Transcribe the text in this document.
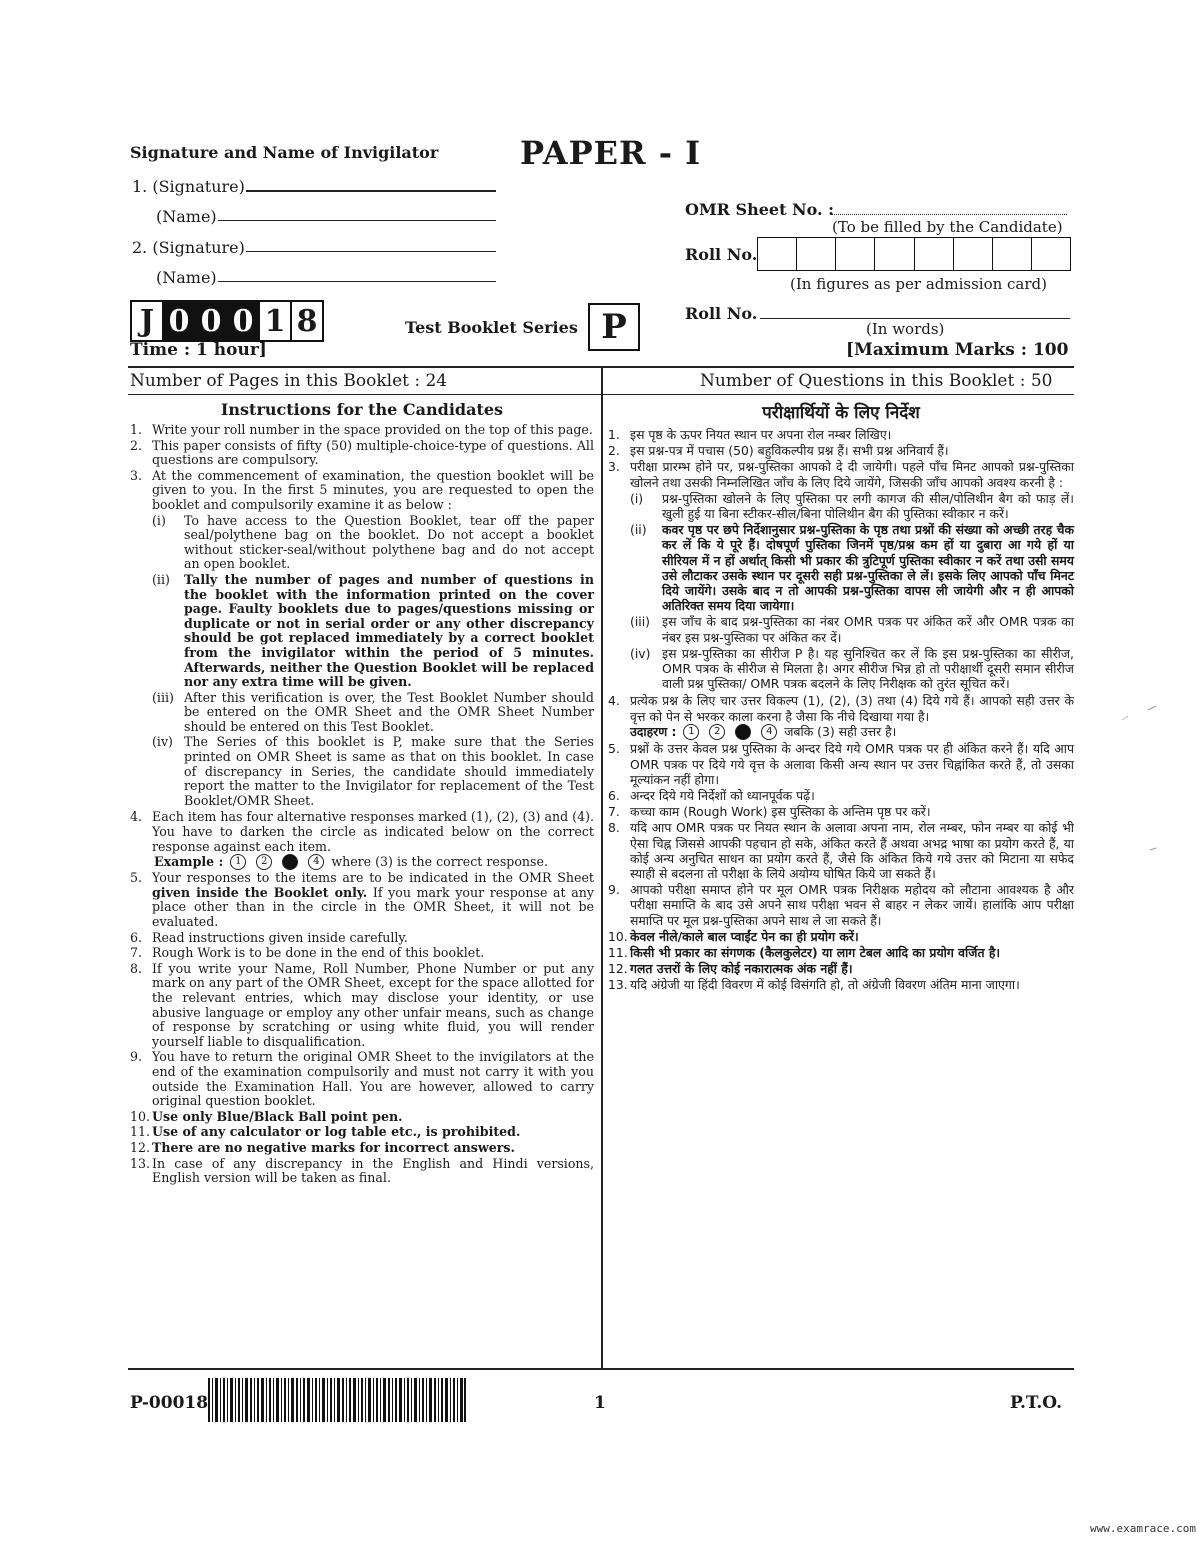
Signature and Name of Invigilator	PAPER - I
1. (Signature)
(Name)
2. (Signature)
(Name)
OMR Sheet No. :
(To be filled by the Candidate)
Roll No.
(In figures as per admission card)
Roll No.
(In words)
J 0 0 0 1 8	Test Booklet Series P
Time : 1 hour]	[Maximum Marks : 100
Number of Pages in this Booklet : 24	Number of Questions in this Booklet : 50
Instructions for the Candidates
1. Write your roll number in the space provided on the top of this page.
2. This paper consists of fifty (50) multiple-choice-type of questions. All questions are compulsory.
3. At the commencement of examination, the question booklet will be given to you. In the first 5 minutes, you are requested to open the booklet and compulsorily examine it as below :
(i)	To have access to the Question Booklet, tear off the paper seal/polythene bag on the booklet. Do not accept a booklet without sticker-seal/without polythene bag and do not accept an open booklet.
(ii)	Tally the number of pages and number of questions in the booklet with the information printed on the cover page. Faulty booklets due to pages/questions missing or duplicate or not in serial order or any other discrepancy should be got replaced immediately by a correct booklet from the invigilator within the period of 5 minutes. Afterwards, neither the Question Booklet will be replaced nor any extra time will be given.
(iii) After this verification is over, the Test Booklet Number should be entered on the OMR Sheet and the OMR Sheet Number should be entered on this Test Booklet.
(iv) The Series of this booklet is P, make sure that the Series printed on OMR Sheet is same as that on this booklet. In case of discrepancy in Series, the candidate should immediately report the matter to the Invigilator for replacement of the Test Booklet/OMR Sheet.
4. Each item has four alternative responses marked (1), (2), (3) and (4). You have to darken the circle as indicated below on the correct response against each item.
Example : 1 2	4 where (3) is the correct response.
5. Your responses to the items are to be indicated in the OMR Sheet given inside the Booklet only. If you mark your response at any place other than in the circle in the OMR Sheet, it will not be evaluated.
6. Read instructions given inside carefully.
7. Rough Work is to be done in the end of this booklet.
8. If you write your Name, Roll Number, Phone Number or put any mark on any part of the OMR Sheet, except for the space allotted for the relevant entries, which may disclose your identity, or use abusive language or employ any other unfair means, such as change of response by scratching or using white fluid, you will render yourself liable to disqualification.
9. You have to return the original OMR Sheet to the invigilators at the end of the examination compulsorily and must not carry it with you outside the Examination Hall. You are however, allowed to carry original question booklet.
10. Use only Blue/Black Ball point pen.
11. Use of any calculator or log table etc., is prohibited.
12. There are no negative marks for incorrect answers.
13. In case of any discrepancy in the English and Hindi versions, English version will be taken as final.
परीक्षार्थियों के लिए निर्देश
1. इस पृष्ठ के ऊपर नियत स्थान पर अपना रोल नम्बर लिखिए।
2. इस प्रश्न-पत्र में पचास (50) बहुविकल्पीय प्रश्न हैं। सभी प्रश्न अनिवार्य हैं।
3. परीक्षा प्रारम्भ होने पर, प्रश्न-पुस्तिका आपको दे दी जायेगी। पहले पाँच मिनट आपको प्रश्न-पुस्तिका खोलने तथा उसकी निम्नलिखित जाँच के लिए दिये जायेंगे, जिसकी जाँच आपको अवश्य करनी है :
(i)	प्रश्न-पुस्तिका खोलने के लिए पुस्तिका पर लगी कागज की सील/पोलिथीन बैग को फाड़ लें। खुली हुई या बिना स्टीकर-सील/बिना पोलिथीन बैग की पुस्तिका स्वीकार न करें।
(ii)	कवर पृष्ठ पर छपे निर्देशानुसार प्रश्न-पुस्तिका के पृष्ठ तथा प्रश्नों की संख्या को अच्छी तरह चैक कर लें कि ये पूरे हैं। दोषपूर्ण पुस्तिका जिनमें पृष्ठ/प्रश्न कम हों या दुबारा आ गये हों या सीरियल में न हों अर्थात् किसी भी प्रकार की त्रुटिपूर्ण पुस्तिका स्वीकार न करें तथा उसी समय उसे लौटाकर उसके स्थान पर दूसरी सही प्रश्न-पुस्तिका ले लें। इसके लिए आपको पाँच मिनट दिये जायेंगे। उसके बाद न तो आपकी प्रश्न-पुस्तिका वापस ली जायेगी और न ही आपको अतिरिक्त समय दिया जायेगा।
(iii) इस जाँच के बाद प्रश्न-पुस्तिका का नंबर OMR पत्रक पर अंकित करें और OMR पत्रक का नंबर इस प्रश्न-पुस्तिका पर अंकित कर दें।
(iv) इस प्रश्न-पुस्तिका का सीरीज P है। यह सुनिश्चित कर लें कि इस प्रश्न-पुस्तिका का सीरीज, OMR पत्रक के सीरीज से मिलता है। अगर सीरीज भिन्न हो तो परीक्षार्थी दूसरी समान सीरीज वाली प्रश्न पुस्तिका/ OMR पत्रक बदलने के लिए निरीक्षक को तुरंत सूचित करें।
4. प्रत्येक प्रश्न के लिए चार उत्तर विकल्प (1), (2), (3) तथा (4) दिये गये हैं। आपको सही उत्तर के वृत्त को पेन से भरकर काला करना है जैसा कि नीचे दिखाया गया है।
उदाहरण : 1 2	4 जबकि (3) सही उत्तर है।
5. प्रश्नों के उत्तर केवल प्रश्न पुस्तिका के अन्दर दिये गये OMR पत्रक पर ही अंकित करने हैं। यदि आप OMR पत्रक पर दिये गये वृत्त के अलावा किसी अन्य स्थान पर उत्तर चिह्नांकित करते हैं, तो उसका मूल्यांकन नहीं होगा।
6. अन्दर दिये गये निर्देशों को ध्यानपूर्वक पढ़ें।
7. कच्चा काम (Rough Work) इस पुस्तिका के अन्तिम पृष्ठ पर करें।
8. यदि आप OMR पत्रक पर नियत स्थान के अलावा अपना नाम, रोल नम्बर, फोन नम्बर या कोई भी ऐसा चिह्न जिससे आपकी पहचान हो सके, अंकित करते हैं अथवा अभद्र भाषा का प्रयोग करते हैं, या कोई अन्य अनुचित साधन का प्रयोग करते हैं, जैसे कि अंकित किये गये उत्तर को मिटाना या सफेद स्याही से बदलना तो परीक्षा के लिये अयोग्य घोषित किये जा सकते हैं।
9. आपको परीक्षा समाप्त होने पर मूल OMR पत्रक निरीक्षक महोदय को लौटाना आवश्यक है और परीक्षा समाप्ति के बाद उसे अपने साथ परीक्षा भवन से बाहर न लेकर जायें। हालांकि आप परीक्षा समाप्ति पर मूल प्रश्न-पुस्तिका अपने साथ ले जा सकते हैं।
10. केवल नीले/काले बाल प्वाईंट पेन का ही प्रयोग करें।
11. किसी भी प्रकार का संगणक (कैलकुलेटर) या लाग टेबल आदि का प्रयोग वर्जित है।
12. गलत उत्तरों के लिए कोई नकारात्मक अंक नहीं हैं।
13. यदि अंग्रेजी या हिंदी विवरण में कोई विसंगति हो, तो अंग्रेजी विवरण अंतिम माना जाएगा।
P-00018	1	P.T.O.
www.examrace.com
